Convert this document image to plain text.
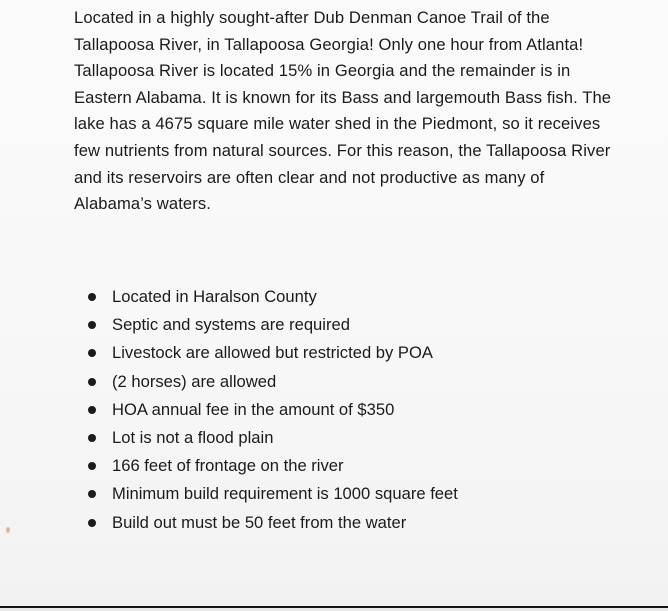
Located in a highly sought-after Dub Denman Canoe Trail of the Tallapoosa River, in Tallapoosa Georgia! Only one hour from Atlanta! Tallapoosa River is located 15% in Georgia and the remainder is in Eastern Alabama. It is known for its Bass and largemouth Bass fish. The lake has a 4675 square mile water shed in the Piedmont, so it receives few nutrients from natural sources. For this reason, the Tallapoosa River and its reservoirs are often clear and not productive as many of Alabama’s waters.

Located in Haralson County
Septic and systems are required
Livestock are allowed but restricted by POA
(2 horses) are allowed
HOA annual fee in the amount of $350
Lot is not a flood plain
166 feet of frontage on the river
Minimum build requirement is 1000 square feet
Build out must be 50 feet from the water
